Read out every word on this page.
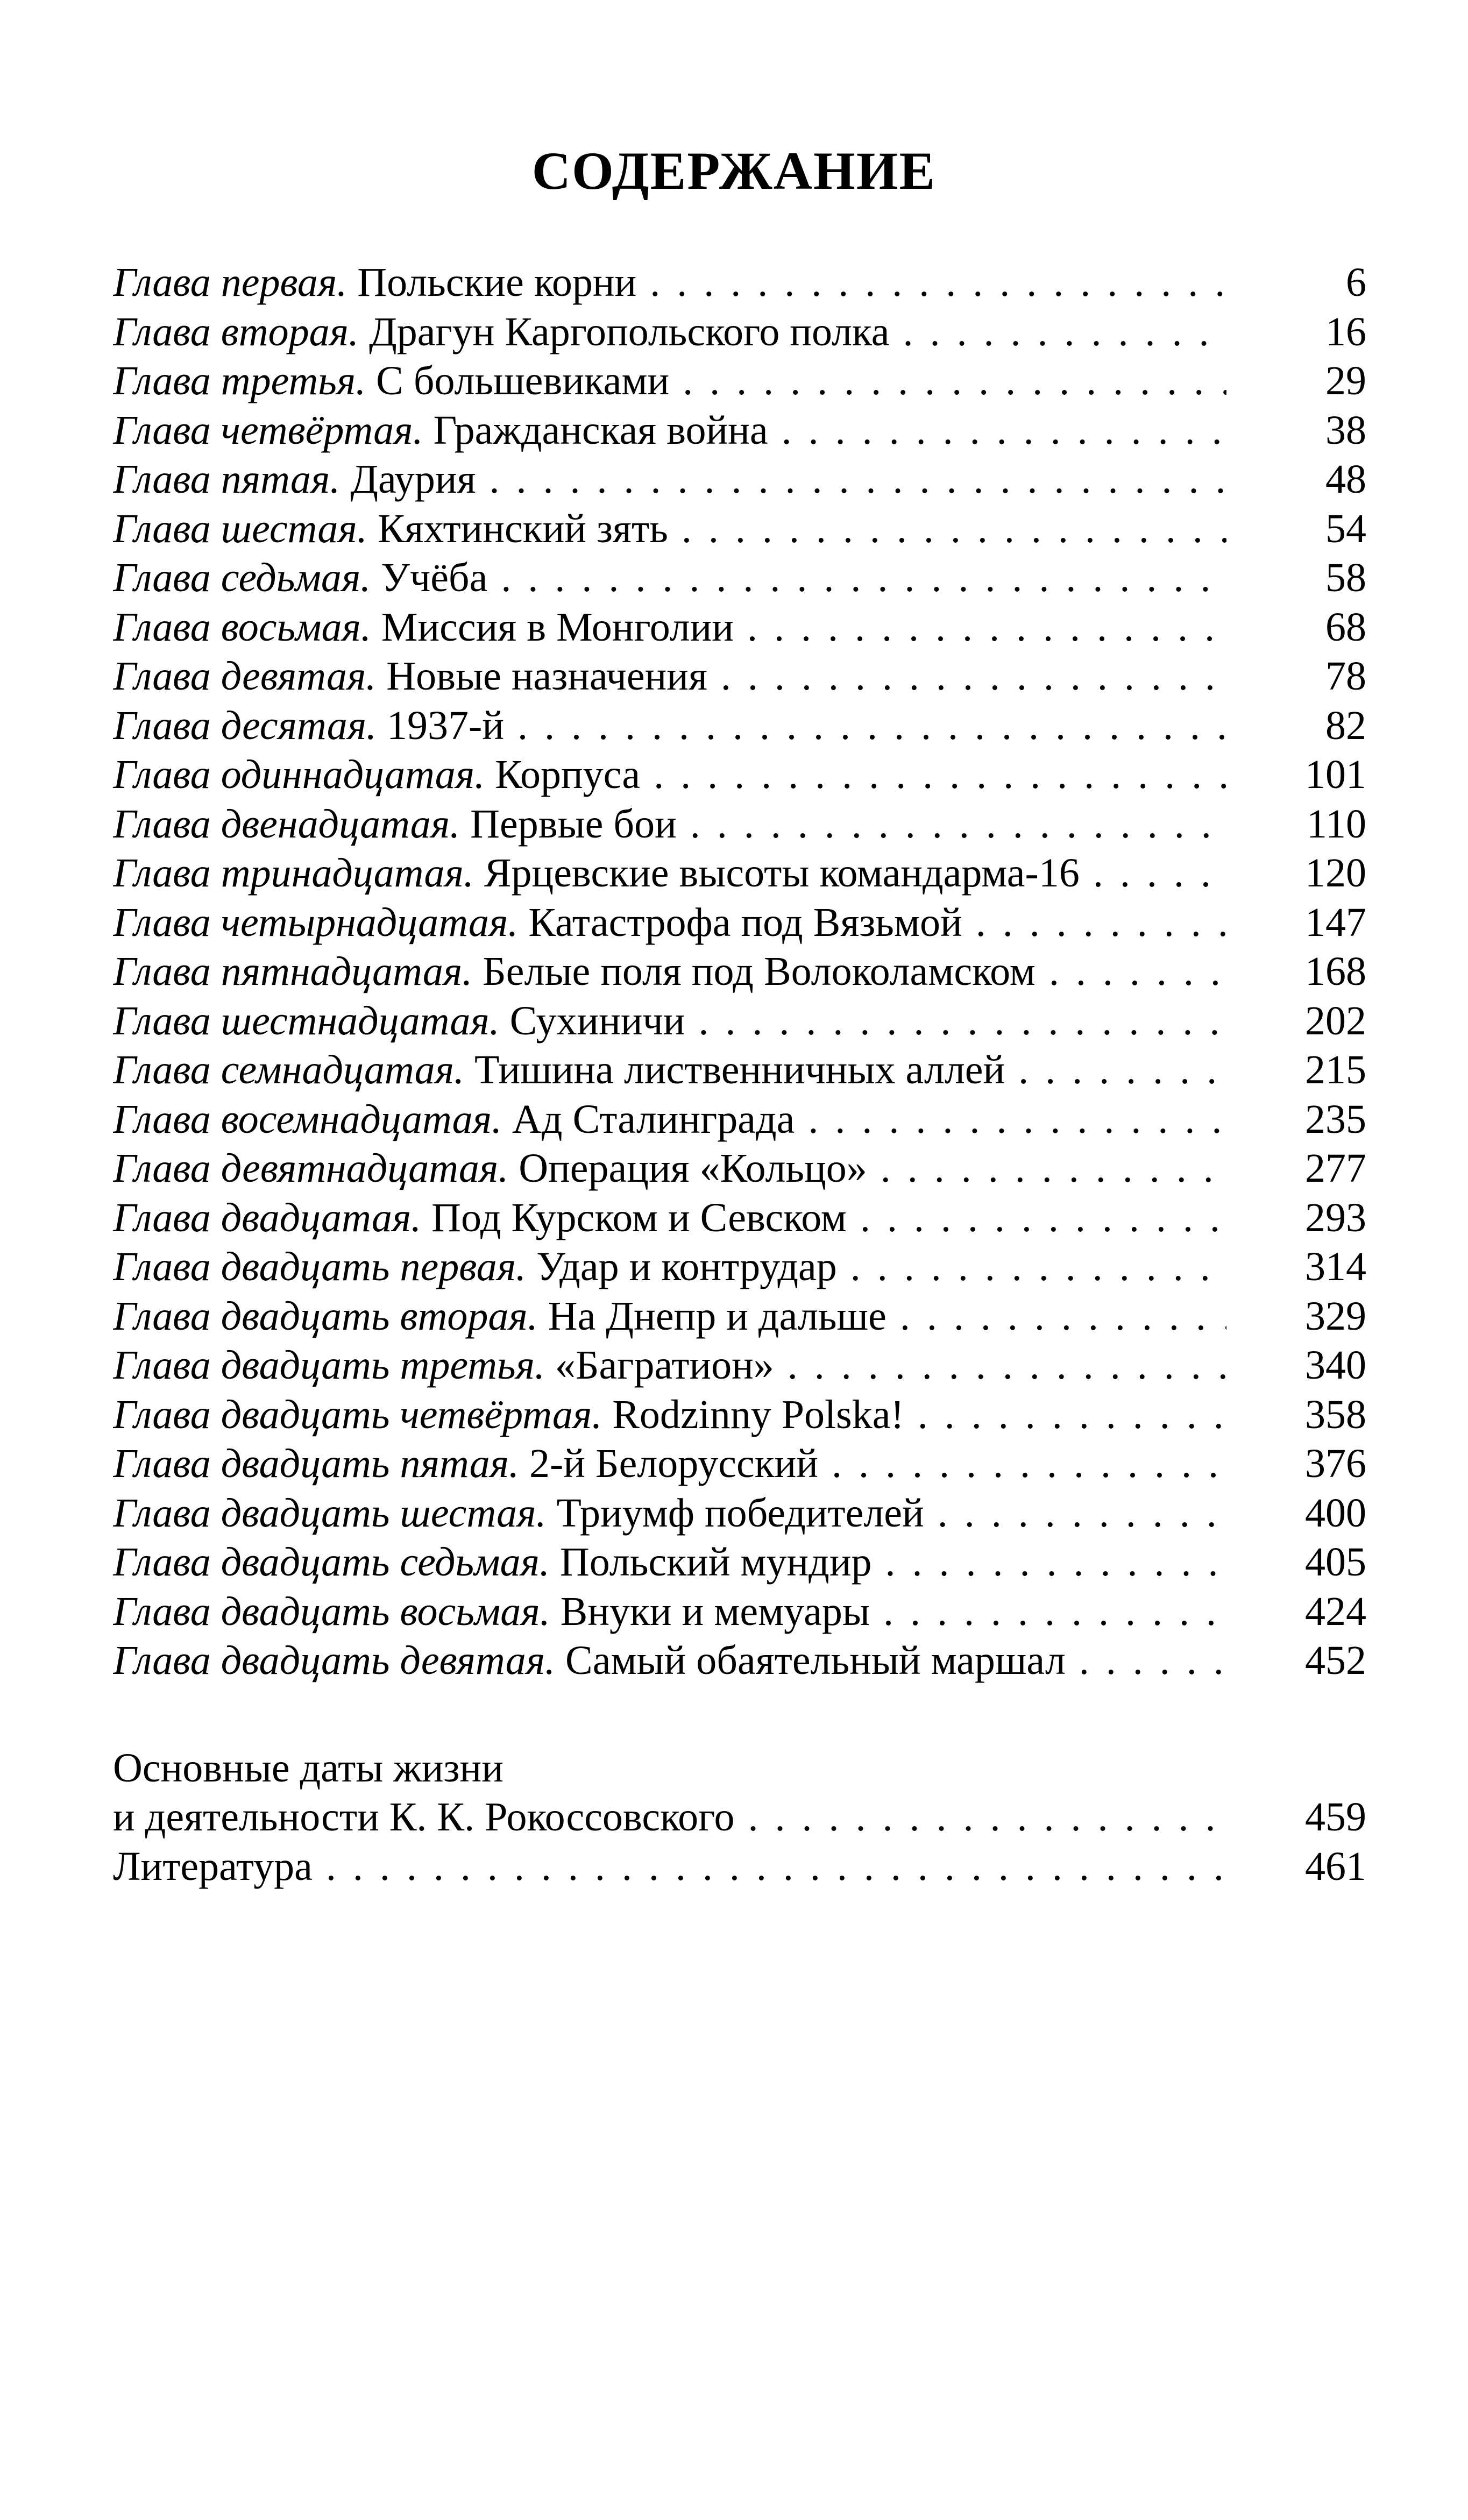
СОДЕРЖАНИЕ
Глава первая. Польские корни . . .	6
Глава вторая. Драгун Каргопольского полка . . .	16
Глава третья. С большевиками . . .	29
Глава четвёртая. Гражданская война . . .	38
Глава пятая. Даурия . . .	48
Глава шестая. Кяхтинский зять . . .	54
Глава седьмая. Учёба . . .	58
Глава восьмая. Миссия в Монголии . . .	68
Глава девятая. Новые назначения . . .	78
Глава десятая. 1937-й . . .	82
Глава одиннадцатая. Корпуса . . .	101
Глава двенадцатая. Первые бои . . .	110
Глава тринадцатая. Ярцевские высоты командарма-16 . . .	120
Глава четырнадцатая. Катастрофа под Вязьмой . . .	147
Глава пятнадцатая. Белые поля под Волоколамском . . .	168
Глава шестнадцатая. Сухиничи . . .	202
Глава семнадцатая. Тишина лиственничных аллей . . .	215
Глава восемнадцатая. Ад Сталинграда . . .	235
Глава девятнадцатая. Операция «Кольцо» . . .	277
Глава двадцатая. Под Курском и Севском . . .	293
Глава двадцать первая. Удар и контрудар . . .	314
Глава двадцать вторая. На Днепр и дальше . . .	329
Глава двадцать третья. «Багратион» . . .	340
Глава двадцать четвёртая. Rodzinny Polska! . . .	358
Глава двадцать пятая. 2-й Белорусский . . .	376
Глава двадцать шестая. Триумф победителей . . .	400
Глава двадцать седьмая. Польский мундир . . .	405
Глава двадцать восьмая. Внуки и мемуары . . .	424
Глава двадцать девятая. Самый обаятельный маршал . . .	452
Основные даты жизни
и деятельности К. К. Рокоссовского . . .	459
Литература . . .	461
